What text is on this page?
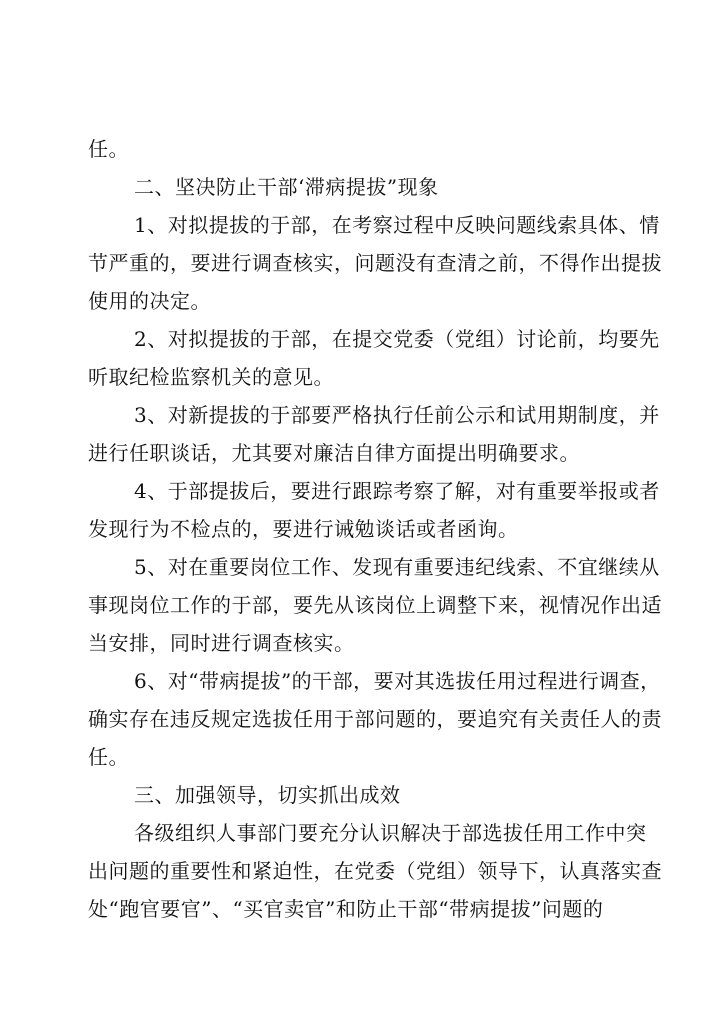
任。
二、坚决防止干部‘滞病提拔”现象
1、对拟提拔的于部，在考察过程中反映问题线索具体、情
节严重的，要进行调查核实，问题没有查清之前，不得作出提拔
使用的决定。
2、对拟提拔的于部，在提交党委（党组）讨论前，均要先
听取纪检监察机关的意见。
3、对新提拔的于部要严格执行任前公示和试用期制度，并
进行任职谈话，尤其要对廉洁自律方面提出明确要求。
4、于部提拔后，要进行跟踪考察了解，对有重要举报或者
发现行为不检点的，要进行诫勉谈话或者函询。
5、对在重要岗位工作、发现有重要违纪线索、不宜继续从
事现岗位工作的于部，要先从该岗位上调整下来，视情况作出适
当安排，同时进行调查核实。
6、对“带病提拔”的干部，要对其选拔任用过程进行调查，
确实存在违反规定选拔任用于部问题的，要追究有关责任人的责
任。
三、加强领导，切实抓出成效
各级组织人事部门要充分认识解决于部选拔任用工作中突
出问题的重要性和紧迫性，在党委（党组）领导下，认真落实查
处“跑官要官”、“买官卖官”和防止干部“带病提拔”问题的
